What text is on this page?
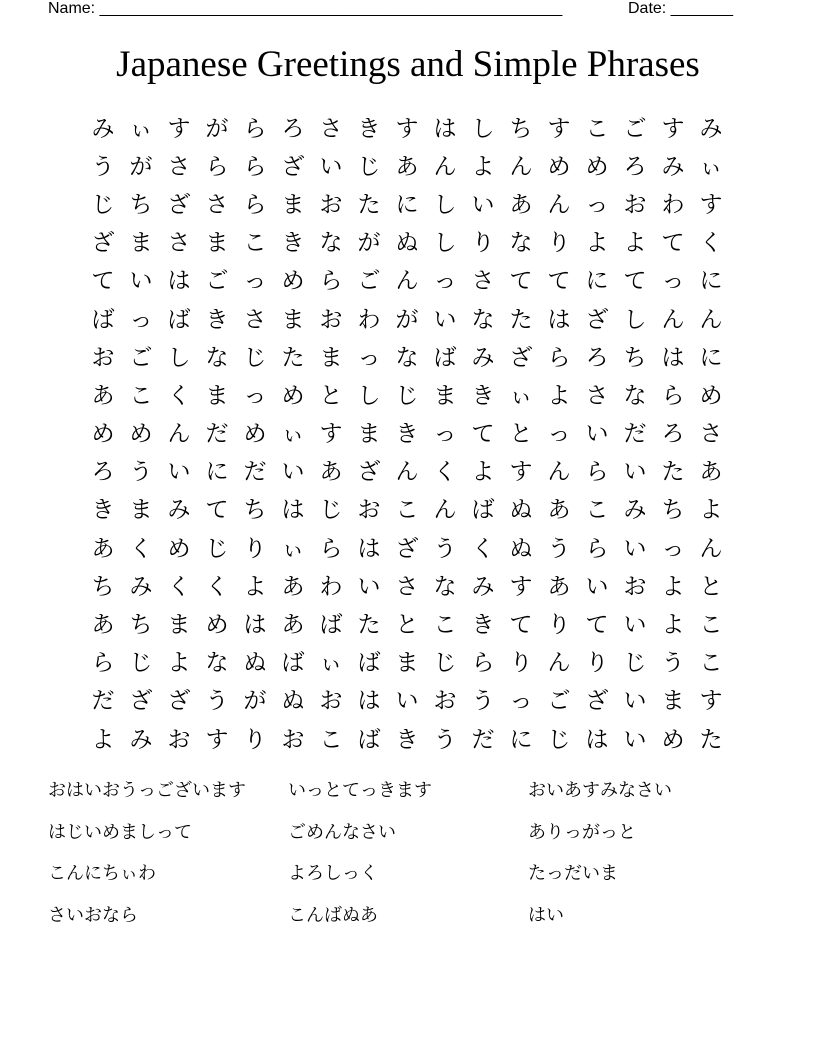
Name: ____________________________________________________	Date: _______
Japanese Greetings and Simple Phrases
み ぃ す が ら ろ さ き す は し ち す こ ご す み
う が さ ら ら ざ い じ あ ん よ ん め め ろ み ぃ
じ ち ざ さ ら ま お た に し い あ ん っ お わ す
ざ ま さ ま こ き な が ぬ し り な り よ よ て く
て い は ご っ め ら ご ん っ さ て て に て っ に
ば っ ば き さ ま お わ が い な た は ざ し ん ん
お ご し な じ た ま っ な ば み ざ ら ろ ち は に
あ こ く ま っ め と し じ ま き ぃ よ さ な ら め
め め ん だ め ぃ す ま き っ て と っ い だ ろ さ
ろ う い に だ い あ ざ ん く よ す ん ら い た あ
き ま み て ち は じ お こ ん ば ぬ あ こ み ち よ
あ く め じ り ぃ ら は ざ う く ぬ う ら い っ ん
ち み く く よ あ わ い さ な み す あ い お よ と
あ ち ま め は あ ば た と こ き て り て い よ こ
ら じ よ な ぬ ば ぃ ば ま じ ら り ん り じ う こ
だ ざ ざ う が ぬ お は い お う っ ご ざ い ま す
よ み お す り お こ ば き う だ に じ は い め た
おはいおうっございます	いっとてっきます	おいあすみなさい
はじいめましって	ごめんなさい	ありっがっと
こんにちぃわ	よろしっく	たっだいま
さいおなら	こんばぬあ	はい
